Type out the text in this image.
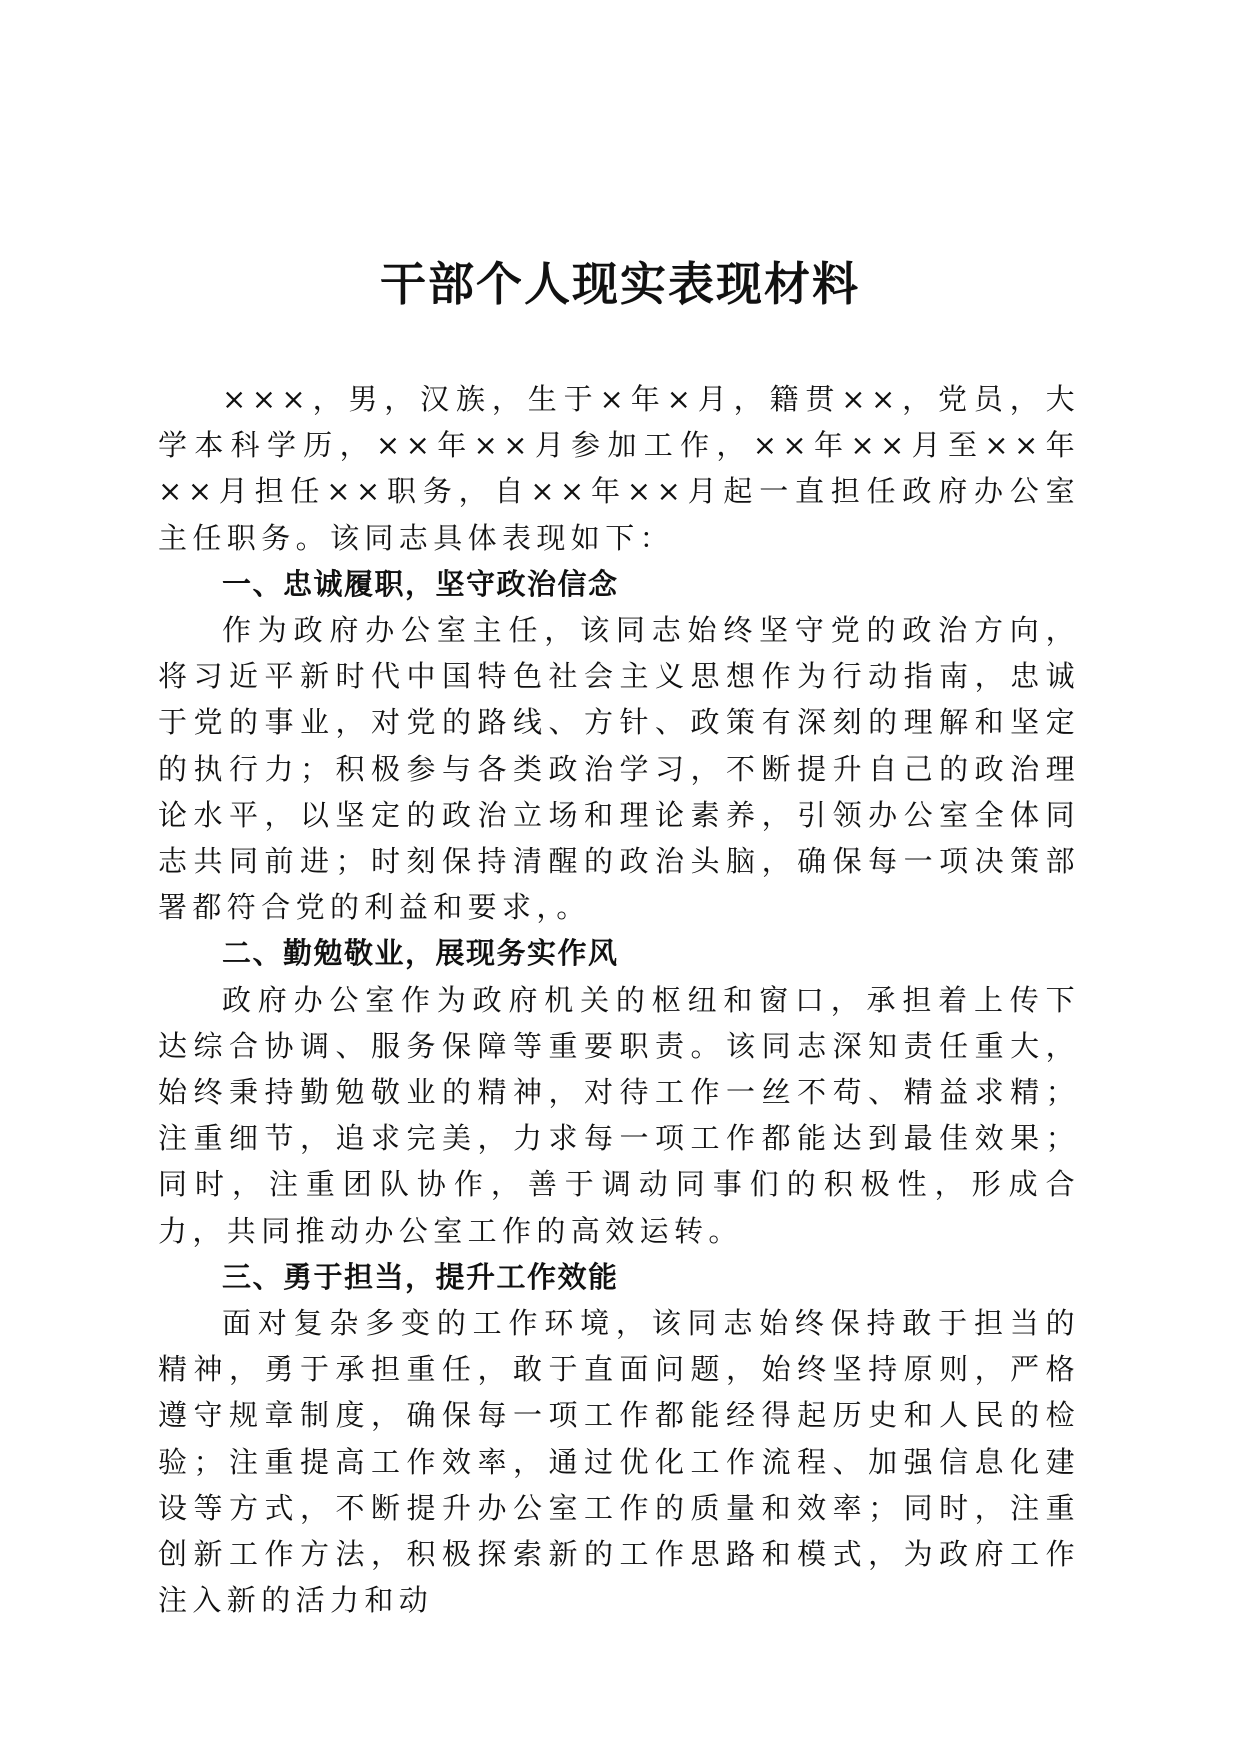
干部个人现实表现材料

×××，男，汉族，生于×年×月，籍贯××，党员，大学本科学历，××年××月参加工作，××年××月至××年××月担任××职务，自××年××月起一直担任政府办公室主任职务。该同志具体表现如下：

一、忠诚履职，坚守政治信念

作为政府办公室主任，该同志始终坚守党的政治方向，将习近平新时代中国特色社会主义思想作为行动指南，忠诚于党的事业，对党的路线、方针、政策有深刻的理解和坚定的执行力；积极参与各类政治学习，不断提升自己的政治理论水平，以坚定的政治立场和理论素养，引领办公室全体同志共同前进；时刻保持清醒的政治头脑，确保每一项决策部署都符合党的利益和要求，。

二、勤勉敬业，展现务实作风

政府办公室作为政府机关的枢纽和窗口，承担着上传下达综合协调、服务保障等重要职责。该同志深知责任重大，始终秉持勤勉敬业的精神，对待工作一丝不苟、精益求精；注重细节，追求完美，力求每一项工作都能达到最佳效果；同时，注重团队协作，善于调动同事们的积极性，形成合力，共同推动办公室工作的高效运转。

三、勇于担当，提升工作效能

面对复杂多变的工作环境，该同志始终保持敢于担当的精神，勇于承担重任，敢于直面问题，始终坚持原则，严格遵守规章制度，确保每一项工作都能经得起历史和人民的检验；注重提高工作效率，通过优化工作流程、加强信息化建设等方式，不断提升办公室工作的质量和效率；同时，注重创新工作方法，积极探索新的工作思路和模式，为政府工作注入新的活力和动
